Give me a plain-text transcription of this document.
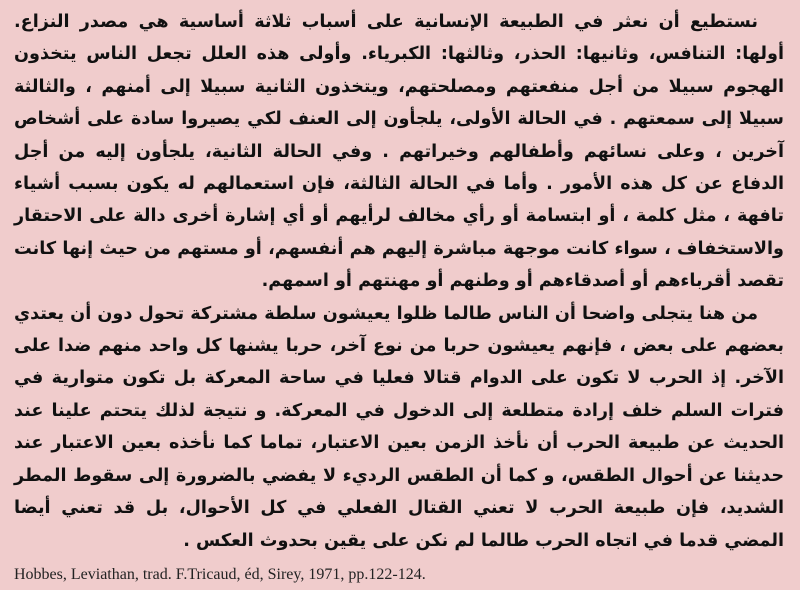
نستطيع أن نعثر في الطبيعة الإنسانية على أسباب ثلاثة أساسية هي مصدر النزاع. أولها: التنافس، وثانيها: الحذر، وثالثها: الكبرياء. وأولى هذه العلل تجعل الناس يتخذون الهجوم سبيلا من أجل منفعتهم ومصلحتهم، ويتخذون الثانية سبيلا إلى أمنهم ، والثالثة سبيلا إلى سمعتهم . في الحالة الأولى، يلجأون إلى العنف لكي يصيروا سادة على أشخاص آخرين ، وعلى نسائهم وأطفالهم وخيراتهم . وفي الحالة الثانية، يلجأون إليه من أجل الدفاع عن كل هذه الأمور . وأما في الحالة الثالثة، فإن استعمالهم له يكون بسبب أشياء تافهة ، مثل كلمة ، أو ابتسامة أو رأي مخالف لرأيهم أو أي إشارة أخرى دالة على الاحتقار والاستخفاف ، سواء كانت موجهة مباشرة إليهم هم أنفسهم، أو مستهم من حيث إنها كانت تقصد أقرباءهم أو أصدقاءهم أو وطنهم أو مهنتهم أو اسمهم.

من هنا يتجلى واضحا أن الناس طالما ظلوا يعيشون سلطة مشتركة تحول دون أن يعتدي بعضهم على بعض ، فإنهم يعيشون حربا من نوع آخر، حربا يشنها كل واحد منهم ضدا على الآخر. إذ الحرب لا تكون على الدوام قتالا فعليا في ساحة المعركة بل تكون متوارية في فترات السلم خلف إرادة متطلعة إلى الدخول في المعركة. و نتيجة لذلك يتحتم علينا عند الحديث عن طبيعة الحرب أن نأخذ الزمن بعين الاعتبار، تماما كما نأخذه بعين الاعتبار عند حديثنا عن أحوال الطقس، و كما أن الطقس الرديء لا يفضي بالضرورة إلى سقوط المطر الشديد، فإن طبيعة الحرب لا تعني القتال الفعلي في كل الأحوال، بل قد تعني أيضا المضي قدما في اتجاه الحرب طالما لم نكن على يقين بحدوث العكس .

Hobbes, Leviathan, trad. F.Tricaud, éd, Sirey, 1971, pp.122-124.
